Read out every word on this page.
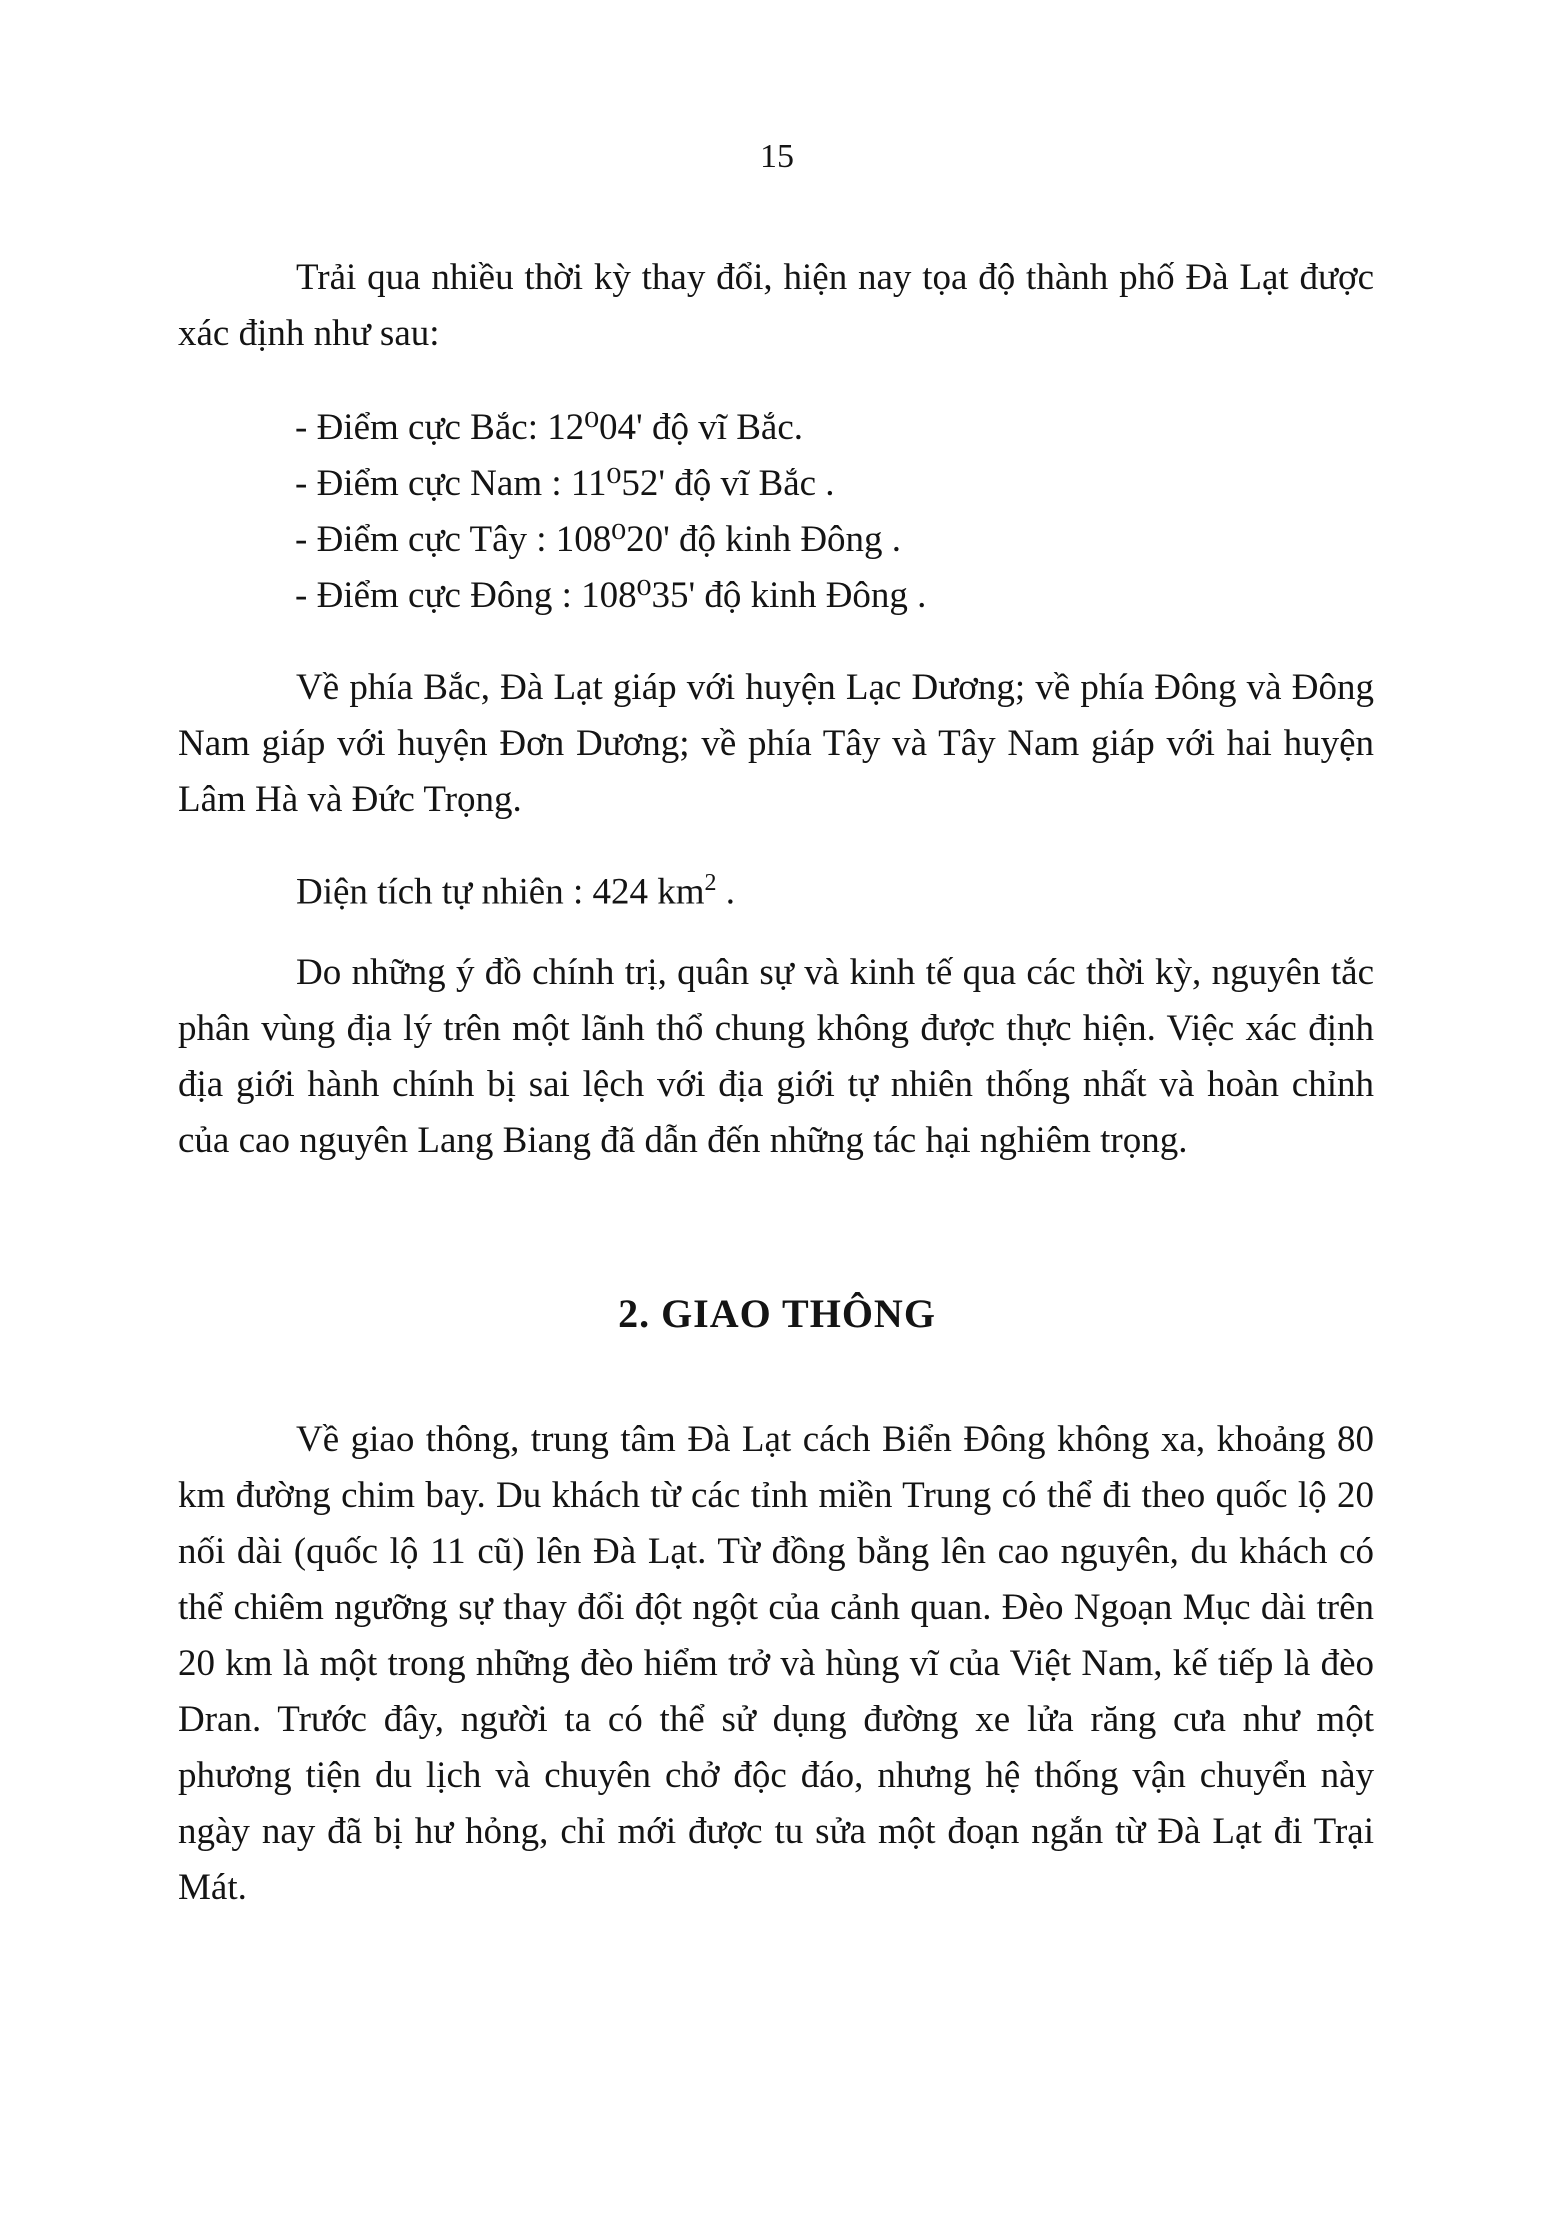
15

Trải qua nhiều thời kỳ thay đổi, hiện nay tọa độ thành phố Đà Lạt được xác định như sau:

- Điểm cực Bắc: 12⁰04' độ vĩ Bắc.
- Điểm cực Nam : 11⁰52' độ vĩ Bắc .
- Điểm cực Tây : 108⁰20' độ kinh Đông .
- Điểm cực Đông : 108⁰35' độ kinh Đông .

Về phía Bắc, Đà Lạt giáp với huyện Lạc Dương; về phía Đông và Đông Nam giáp với huyện Đơn Dương; về phía Tây và Tây Nam giáp với hai huyện Lâm Hà và Đức Trọng.

Diện tích tự nhiên : 424 $km^2$ .

Do những ý đồ chính trị, quân sự và kinh tế qua các thời kỳ, nguyên tắc phân vùng địa lý trên một lãnh thổ chung không được thực hiện. Việc xác định địa giới hành chính bị sai lệch với địa giới tự nhiên thống nhất và hoàn chỉnh của cao nguyên Lang Biang đã dẫn đến những tác hại nghiêm trọng.

2. GIAO THÔNG

Về giao thông, trung tâm Đà Lạt cách Biển Đông không xa, khoảng 80 km đường chim bay. Du khách từ các tỉnh miền Trung có thể đi theo quốc lộ 20 nối dài (quốc lộ 11 cũ) lên Đà Lạt. Từ đồng bằng lên cao nguyên, du khách có thể chiêm ngưỡng sự thay đổi đột ngột của cảnh quan. Đèo Ngoạn Mục dài trên 20 km là một trong những đèo hiểm trở và hùng vĩ của Việt Nam, kế tiếp là đèo Dran. Trước đây, người ta có thể sử dụng đường xe lửa răng cưa như một phương tiện du lịch và chuyên chở độc đáo, nhưng hệ thống vận chuyển này ngày nay đã bị hư hỏng, chỉ mới được tu sửa một đoạn ngắn từ Đà Lạt đi Trại Mát.
